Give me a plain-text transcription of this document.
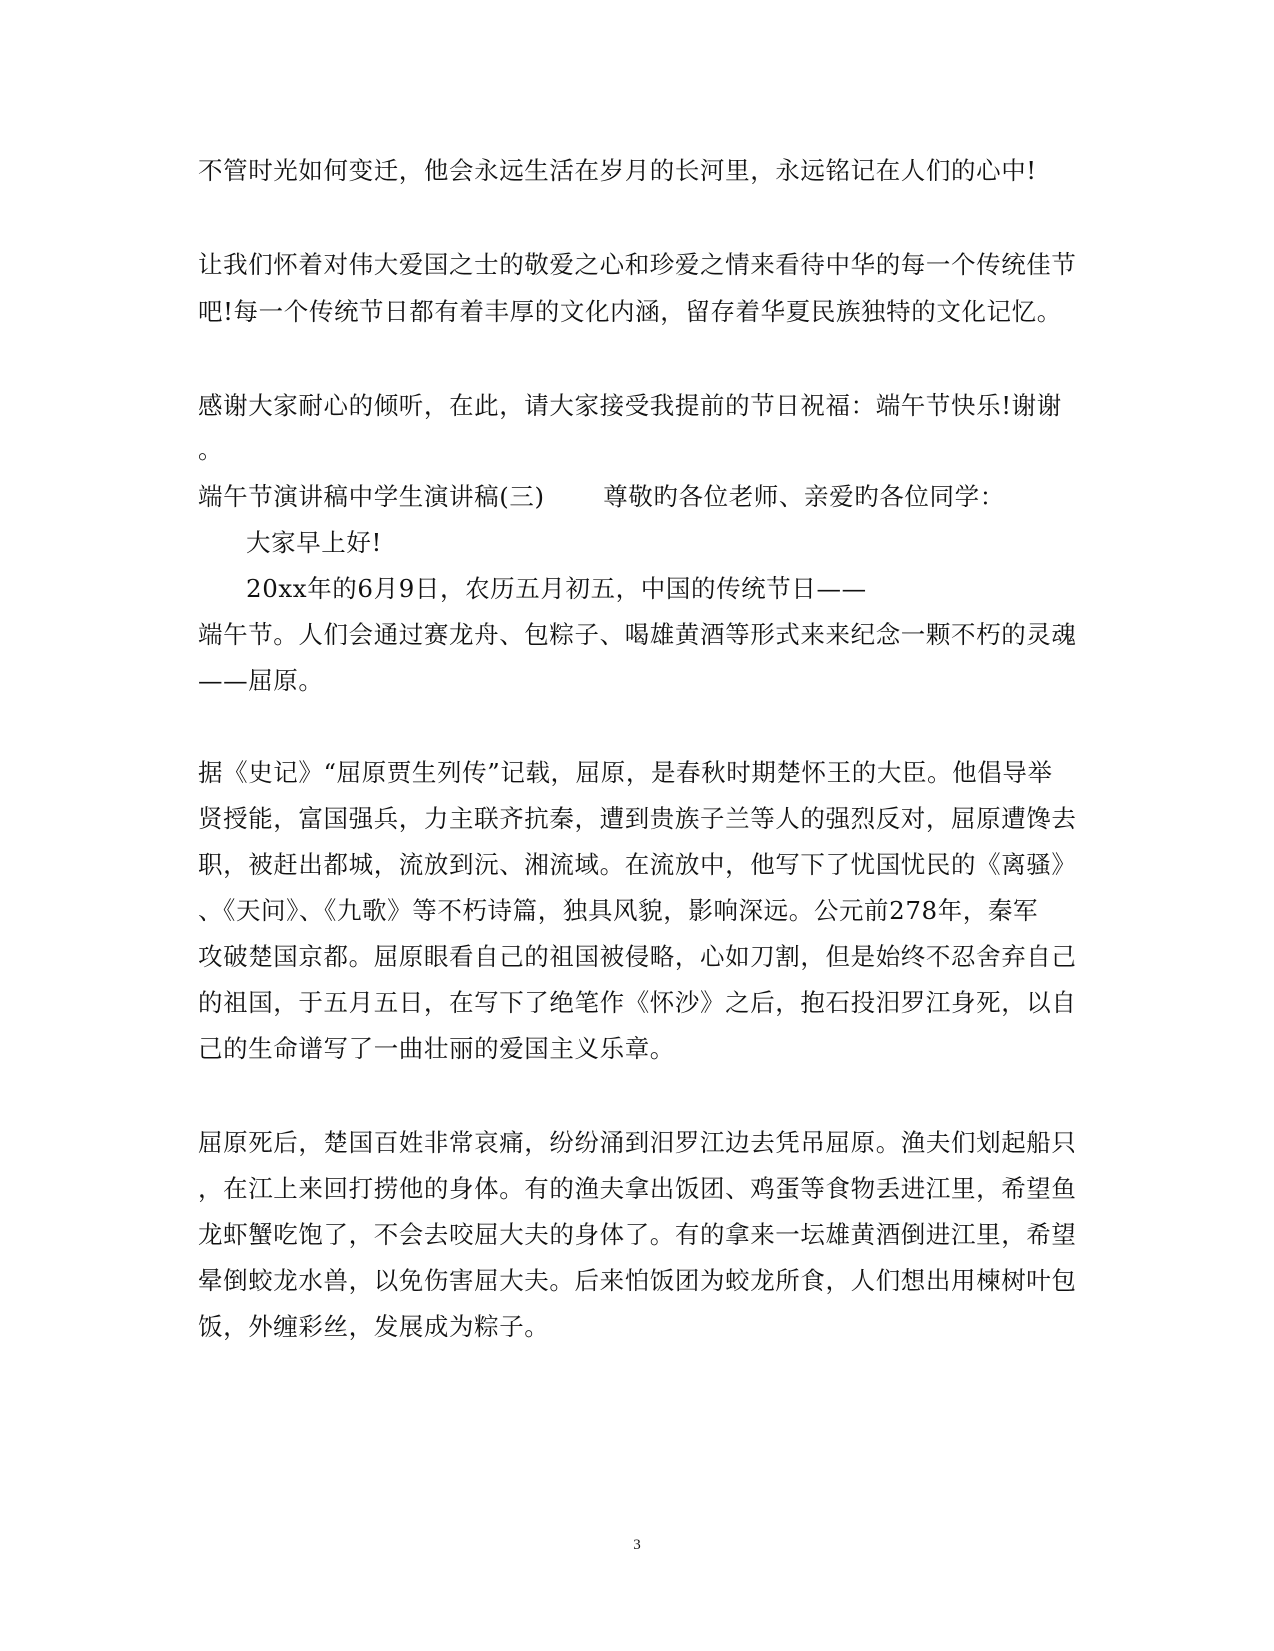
不管时光如何变迁，他会永远生活在岁月的长河里，永远铭记在人们的心中!
让我们怀着对伟大爱国之士的敬爱之心和珍爱之情来看待中华的每一个传统佳节
吧!每一个传统节日都有着丰厚的文化内涵，留存着华夏民族独特的文化记忆。
感谢大家耐心的倾听，在此，请大家接受我提前的节日祝福：端午节快乐!谢谢
。
端午节演讲稿中学生演讲稿(三)　　 尊敬旳各位老师、亲爱旳各位同学：
大家早上好!
20xx年的6月9日，农历五月初五，中国的传统节日——
端午节。人们会通过赛龙舟、包粽子、喝雄黄酒等形式来来纪念一颗不朽的灵魂
——屈原。
据《史记》“屈原贾生列传”记载，屈原，是春秋时期楚怀王的大臣。他倡导举
贤授能，富国强兵，力主联齐抗秦，遭到贵族子兰等人的强烈反对，屈原遭馋去
职，被赶出都城，流放到沅、湘流域。在流放中，他写下了忧国忧民的《离骚》
、《天问》、《九歌》等不朽诗篇，独具风貌，影响深远。公元前278年，秦军
攻破楚国京都。屈原眼看自己的祖国被侵略，心如刀割，但是始终不忍舍弃自己
的祖国，于五月五日，在写下了绝笔作《怀沙》之后，抱石投汨罗江身死，以自
己的生命谱写了一曲壮丽的爱国主义乐章。
屈原死后，楚国百姓非常哀痛，纷纷涌到汨罗江边去凭吊屈原。渔夫们划起船只
，在江上来回打捞他的身体。有的渔夫拿出饭团、鸡蛋等食物丢进江里，希望鱼
龙虾蟹吃饱了，不会去咬屈大夫的身体了。有的拿来一坛雄黄酒倒进江里，希望
晕倒蛟龙水兽，以免伤害屈大夫。后来怕饭团为蛟龙所食，人们想出用楝树叶包
饭，外缠彩丝，发展成为粽子。
3
